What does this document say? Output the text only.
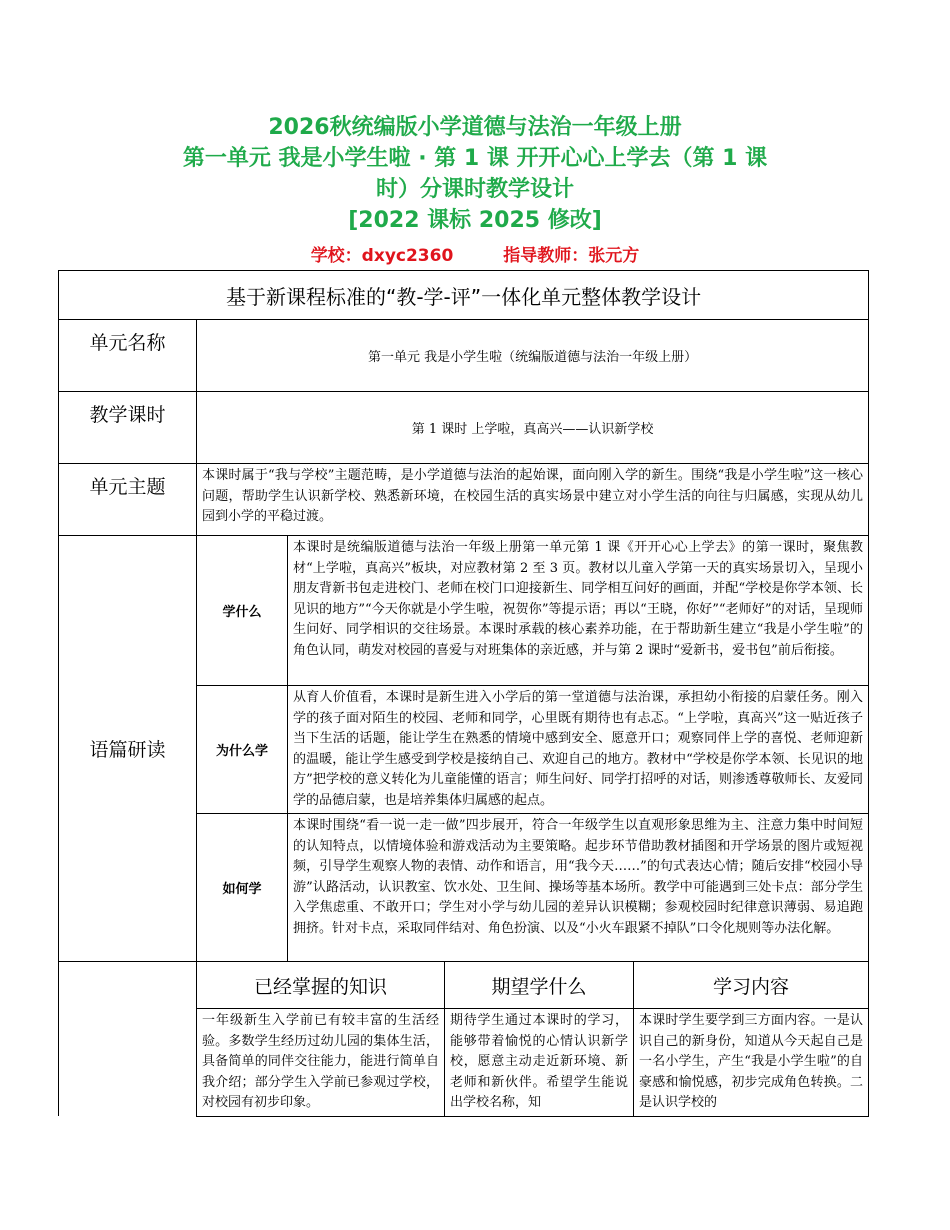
2026秋统编版小学道德与法治一年级上册
第一单元 我是小学生啦 · 第 1 课 开开心心上学去（第 1 课
时）分课时教学设计
[2022 课标 2025 修改]
学校：dxyc2360	指导教师：张元方
基于新课程标准的“教-学-评”一体化单元整体教学设计				
单元名称	第一单元 我是小学生啦（统编版道德与法治一年级上册）			
教学课时	第 1 课时 上学啦，真高兴——认识新学校			
单元主题	本课时属于“我与学校”主题范畴，是小学道德与法治的起始课，面向刚入学的新生。围绕“我是小学生啦”这一核心问题，帮助学生认识新学校、熟悉新环境，在校园生活的真实场景中建立对小学生活的向往与归属感，实现从幼儿园到小学的平稳过渡。			
语篇研读	学什么	本课时是统编版道德与法治一年级上册第一单元第 1 课《开开心心上学去》的第一课时，聚焦教材“上学啦，真高兴”板块，对应教材第 2 至 3 页。教材以儿童入学第一天的真实场景切入，呈现小朋友背新书包走进校门、老师在校门口迎接新生、同学相互问好的画面，并配“学校是你学本领、长见识的地方”“今天你就是小学生啦，祝贺你”等提示语；再以“王晓，你好”“老师好”的对话，呈现师生问好、同学相识的交往场景。本课时承载的核心素养功能，在于帮助新生建立“我是小学生啦”的角色认同，萌发对校园的喜爱与对班集体的亲近感，并与第 2 课时“爱新书，爱书包”前后衔接。		
	为什么学	从育人价值看，本课时是新生进入小学后的第一堂道德与法治课，承担幼小衔接的启蒙任务。刚入学的孩子面对陌生的校园、老师和同学，心里既有期待也有忐忑。“上学啦，真高兴”这一贴近孩子当下生活的话题，能让学生在熟悉的情境中感到安全、愿意开口；观察同伴上学的喜悦、老师迎新的温暖，能让学生感受到学校是接纳自己、欢迎自己的地方。教材中“学校是你学本领、长见识的地方”把学校的意义转化为儿童能懂的语言；师生问好、同学打招呼的对话，则渗透尊敬师长、友爱同学的品德启蒙，也是培养集体归属感的起点。		
	如何学	本课时围绕“看一说一走一做”四步展开，符合一年级学生以直观形象思维为主、注意力集中时间短的认知特点，以情境体验和游戏活动为主要策略。起步环节借助教材插图和开学场景的图片或短视频，引导学生观察人物的表情、动作和语言，用“我今天……”的句式表达心情；随后安排“校园小导游”认路活动，认识教室、饮水处、卫生间、操场等基本场所。教学中可能遇到三处卡点：部分学生入学焦虑重、不敢开口；学生对小学与幼儿园的差异认识模糊；参观校园时纪律意识薄弱、易追跑拥挤。针对卡点，采取同伴结对、角色扮演、以及“小火车跟紧不掉队”口令化规则等办法化解。		
	已经掌握的知识		期望学什么	学习内容
	一年级新生入学前已有较丰富的生活经验。多数学生经历过幼儿园的集体生活，具备简单的同伴交往能力，能进行简单自我介绍；部分学生入学前已参观过学校，对校园有初步印象。		期待学生通过本课时的学习，能够带着愉悦的心情认识新学校，愿意主动走近新环境、新老师和新伙伴。希望学生能说出学校名称，知	本课时学生要学到三方面内容。一是认识自己的新身份，知道从今天起自己是一名小学生，产生“我是小学生啦”的自豪感和愉悦感，初步完成角色转换。二是认识学校的
